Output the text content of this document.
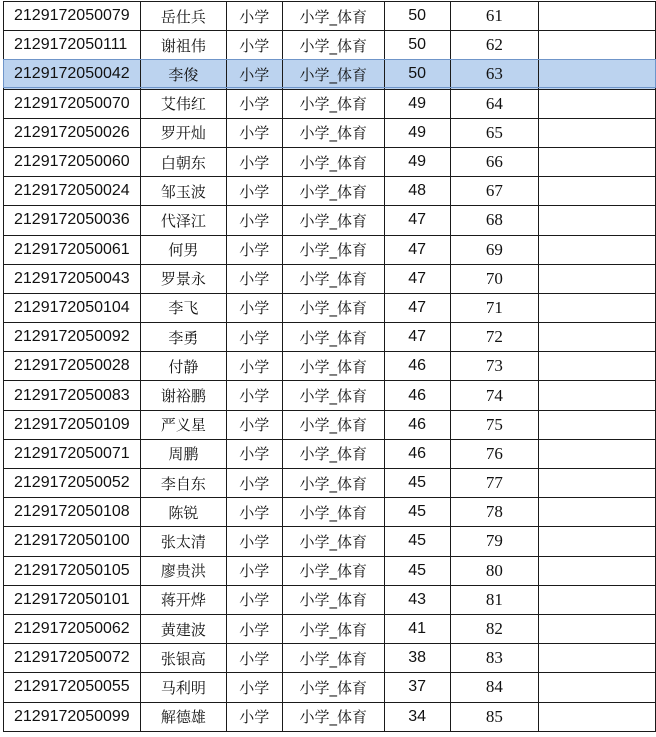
2129172050079	岳仕兵	小学	小学_体育	50	61	
2129172050111	谢祖伟	小学	小学_体育	50	62	
2129172050042	李俊	小学	小学_体育	50	63	
2129172050070	艾伟红	小学	小学_体育	49	64	
2129172050026	罗开灿	小学	小学_体育	49	65	
2129172050060	白朝东	小学	小学_体育	49	66	
2129172050024	邹玉波	小学	小学_体育	48	67	
2129172050036	代泽江	小学	小学_体育	47	68	
2129172050061	何男	小学	小学_体育	47	69	
2129172050043	罗景永	小学	小学_体育	47	70	
2129172050104	李飞	小学	小学_体育	47	71	
2129172050092	李勇	小学	小学_体育	47	72	
2129172050028	付静	小学	小学_体育	46	73	
2129172050083	谢裕鹏	小学	小学_体育	46	74	
2129172050109	严义星	小学	小学_体育	46	75	
2129172050071	周鹏	小学	小学_体育	46	76	
2129172050052	李自东	小学	小学_体育	45	77	
2129172050108	陈锐	小学	小学_体育	45	78	
2129172050100	张太清	小学	小学_体育	45	79	
2129172050105	廖贵洪	小学	小学_体育	45	80	
2129172050101	蒋开烨	小学	小学_体育	43	81	
2129172050062	黄建波	小学	小学_体育	41	82	
2129172050072	张银高	小学	小学_体育	38	83	
2129172050055	马利明	小学	小学_体育	37	84	
2129172050099	解德雄	小学	小学_体育	34	85	
